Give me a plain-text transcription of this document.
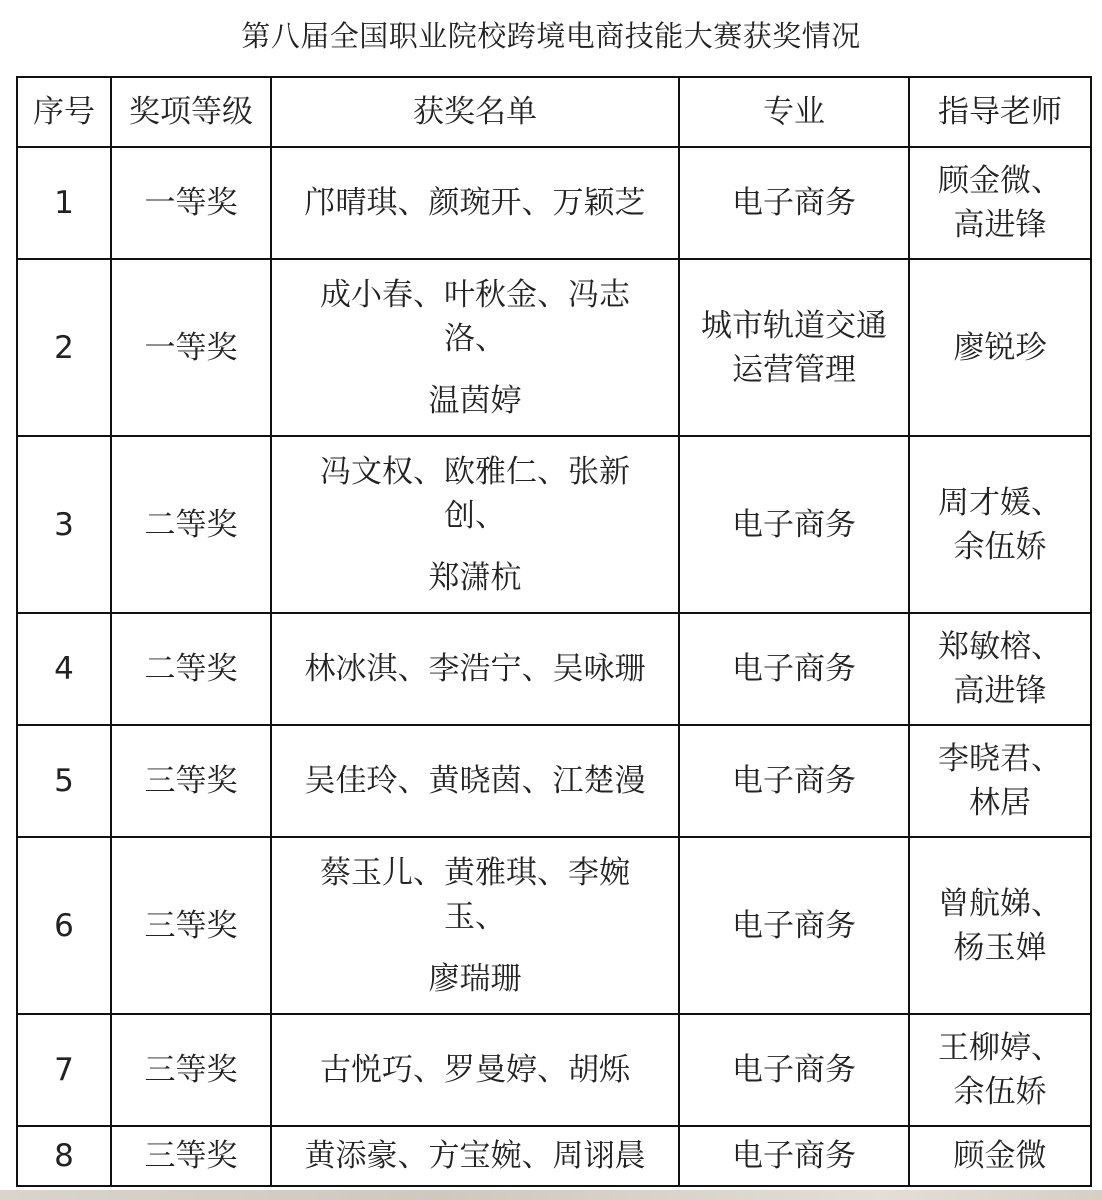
第八届全国职业院校跨境电商技能大赛获奖情况
序号	奖项等级	获奖名单	专业	指导老师
1	一等奖	邝晴琪、颜琬开、万颖芝	电子商务	顾金微、
高进锋

2	一等奖	成小春、叶秋金、冯志
洛、
温茵婷	城市轨道交通
运营管理	廖锐珍

3	二等奖	冯文权、欧雅仁、张新
创、
郑潇杭	电子商务	周才媛、
余伍娇

4	二等奖	林冰淇、李浩宁、吴咏珊	电子商务	郑敏榕、
高进锋

5	三等奖	吴佳玲、黄晓茵、江楚漫	电子商务	李晓君、
林居

6	三等奖	蔡玉儿、黄雅琪、李婉
玉、
廖瑞珊	电子商务	曾航娣、
杨玉婵

7	三等奖	古悦巧、罗曼婷、胡烁	电子商务	王柳婷、
余伍娇

8	三等奖	黄添豪、方宝婉、周诩晨	电子商务	顾金微
